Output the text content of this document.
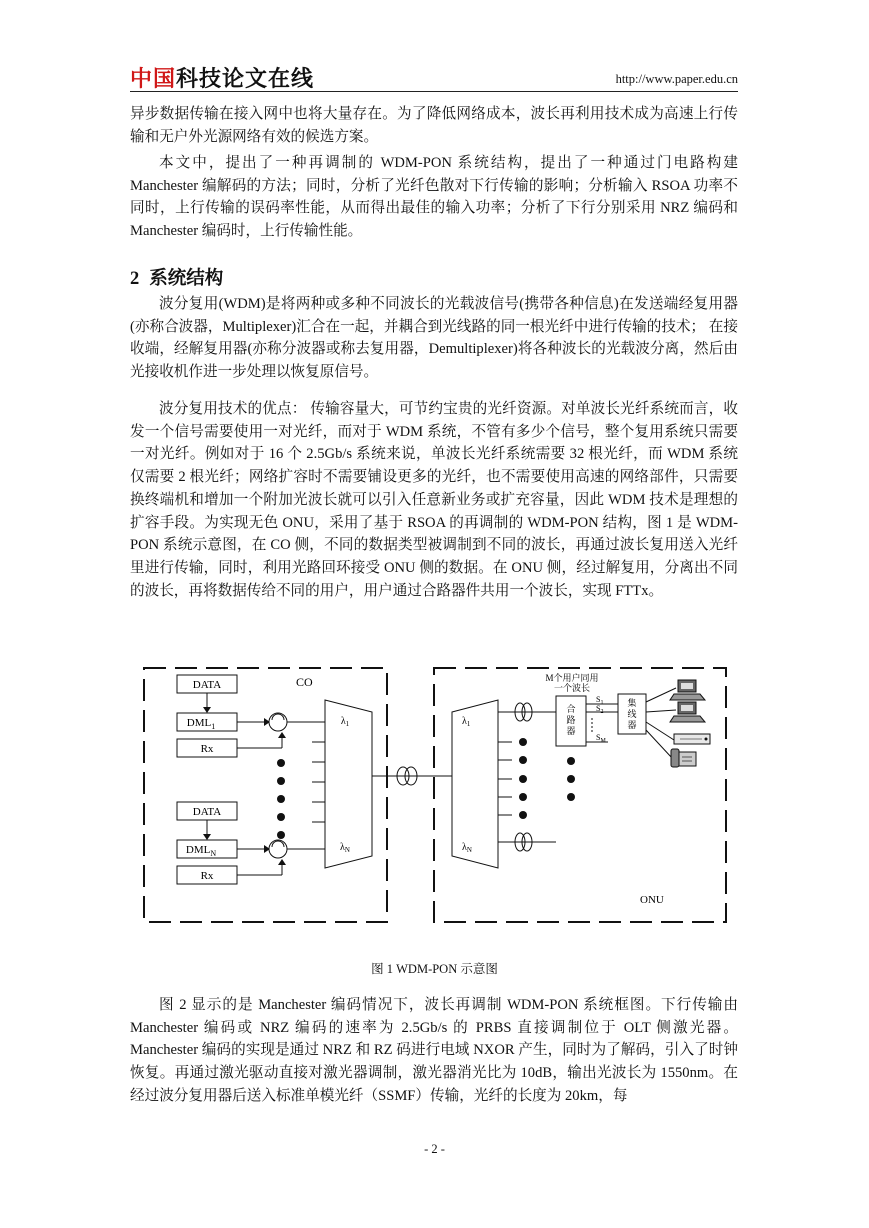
中国科技论文在线	http://www.paper.edu.cn

异步数据传输在接入网中也将大量存在。为了降低网络成本，波长再利用技术成为高速上行传输和无户外光源网络有效的候选方案。

本文中，提出了一种再调制的 WDM-PON 系统结构，提出了一种通过门电路构建 Manchester 编解码的方法；同时，分析了光纤色散对下行传输的影响；分析输入 RSOA 功率不同时，上行传输的误码率性能，从而得出最佳的输入功率；分析了下行分别采用 NRZ 编码和 Manchester 编码时，上行传输性能。

2 系统结构

波分复用(WDM)是将两种或多种不同波长的光载波信号(携带各种信息)在发送端经复用器(亦称合波器，Multiplexer)汇合在一起，并耦合到光线路的同一根光纤中进行传输的技术； 在接收端，经解复用器(亦称分波器或称去复用器，Demultiplexer)将各种波长的光载波分离，然后由光接收机作进一步处理以恢复原信号。

波分复用技术的优点： 传输容量大，可节约宝贵的光纤资源。对单波长光纤系统而言，收发一个信号需要使用一对光纤，而对于 WDM 系统，不管有多少个信号，整个复用系统只需要一对光纤。例如对于 16 个 2.5Gb/s 系统来说，单波长光纤系统需要 32 根光纤，而 WDM 系统仅需要 2 根光纤；网络扩容时不需要铺设更多的光纤，也不需要使用高速的网络部件，只需要换终端机和增加一个附加光波长就可以引入任意新业务或扩充容量，因此 WDM 技术是理想的扩容手段。为实现无色 ONU，采用了基于 RSOA 的再调制的 WDM-PON 结构，图 1 是 WDM-PON 系统示意图，在 CO 侧，不同的数据类型被调制到不同的波长，再通过波长复用送入光纤里进行传输，同时，利用光路回环接受 ONU 侧的数据。在 ONU 侧，经过解复用，分离出不同的波长，再将数据传给不同的用户，用户通过合路器件共用一个波长，实现 FTTx。

CO
DATA
$DML_1$
Rx
DATA
$DML_N$
Rx
$\lambda_1$
$\lambda_N$
ONU
$\lambda_1$
$\lambda_N$
M个用户同用
一个波长
合
路
器
$S_1$
$S_2$
$S_M$
集
线
器
图 1 WDM-PON 示意图

图 2 显示的是 Manchester 编码情况下，波长再调制 WDM-PON 系统框图。下行传输由 Manchester 编码或 NRZ 编码的速率为 2.5Gb/s 的 PRBS 直接调制位于 OLT 侧激光器。Manchester 编码的实现是通过 NRZ 和 RZ 码进行电域 NXOR 产生，同时为了解码，引入了时钟恢复。再通过激光驱动直接对激光器调制，激光器消光比为 10dB，输出光波长为 1550nm。在经过波分复用器后送入标准单模光纤（SSMF）传输，光纤的长度为 20km，每

- 2 -
